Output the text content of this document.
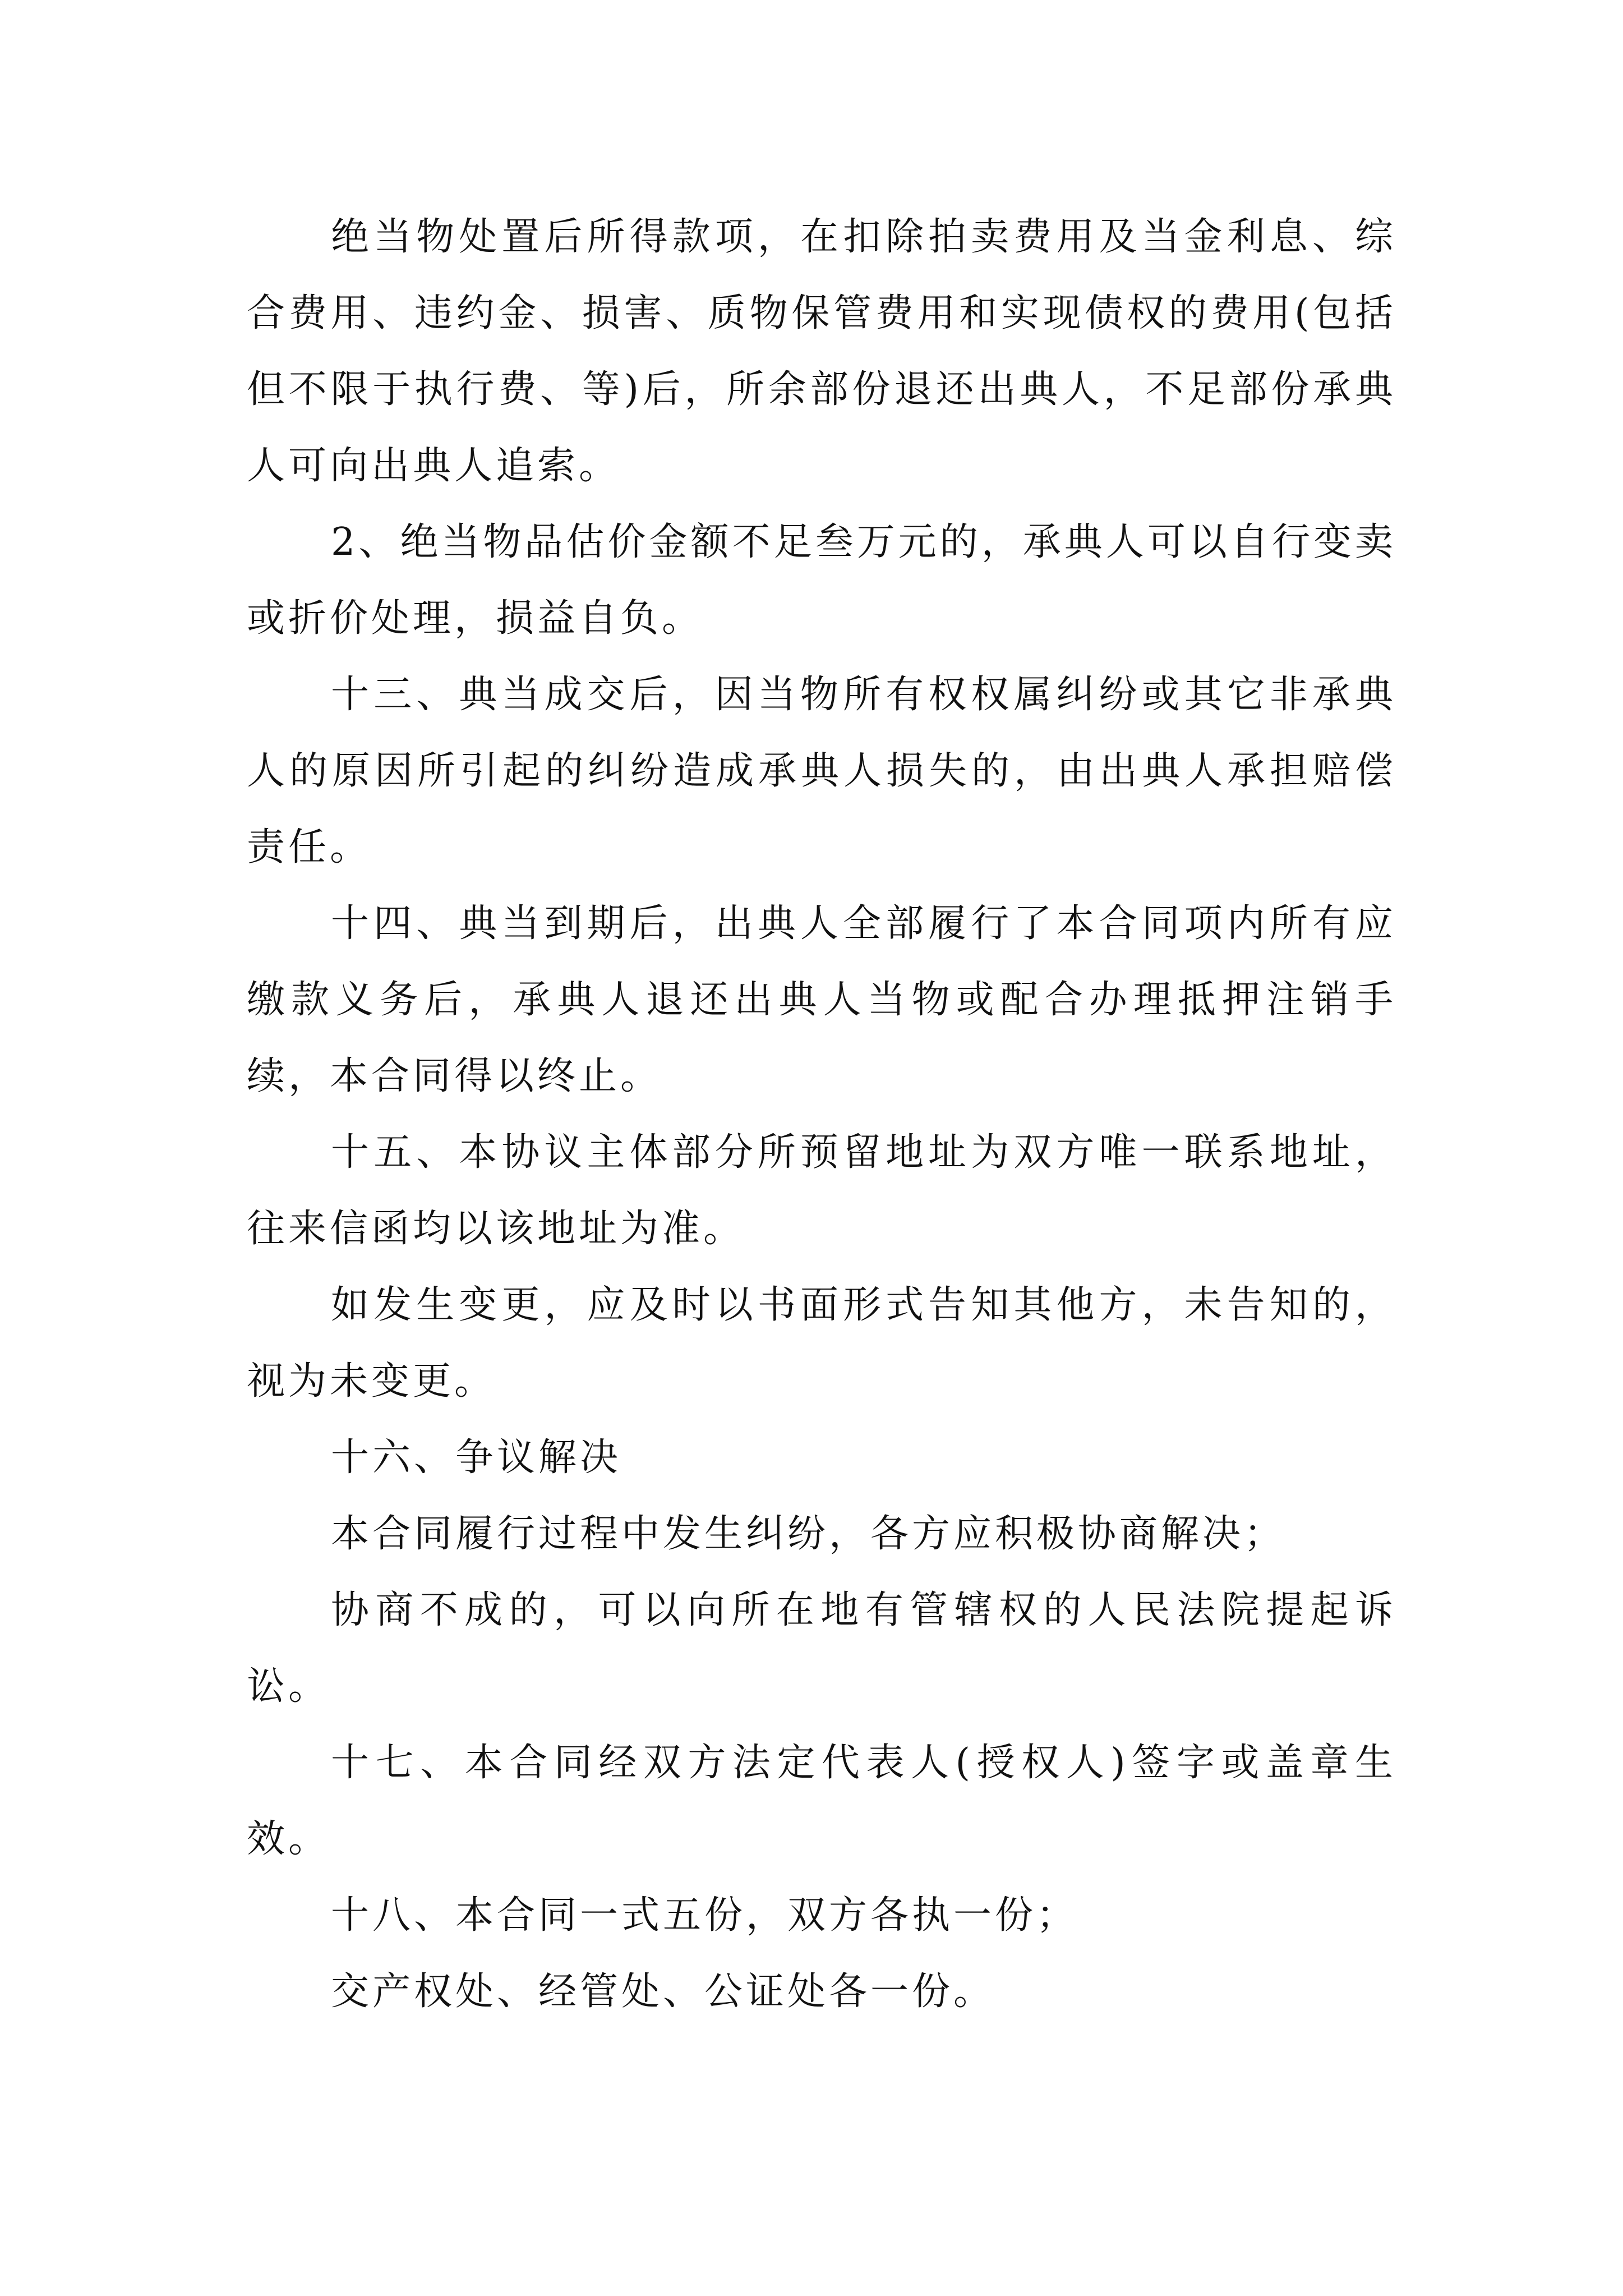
绝当物处置后所得款项，在扣除拍卖费用及当金利息、综合费用、违约金、损害、质物保管费用和实现债权的费用(包括但不限于执行费、等)后，所余部份退还出典人，不足部份承典人可向出典人追索。

2、绝当物品估价金额不足叁万元的，承典人可以自行变卖或折价处理，损益自负。

十三、典当成交后，因当物所有权权属纠纷或其它非承典人的原因所引起的纠纷造成承典人损失的，由出典人承担赔偿责任。

十四、典当到期后，出典人全部履行了本合同项内所有应缴款义务后，承典人退还出典人当物或配合办理抵押注销手续，本合同得以终止。

十五、本协议主体部分所预留地址为双方唯一联系地址，往来信函均以该地址为准。

如发生变更，应及时以书面形式告知其他方，未告知的，视为未变更。

十六、争议解决

本合同履行过程中发生纠纷，各方应积极协商解决；

协商不成的，可以向所在地有管辖权的人民法院提起诉讼。

十七、本合同经双方法定代表人(授权人)签字或盖章生效。

十八、本合同一式五份，双方各执一份；

交产权处、经管处、公证处各一份。
